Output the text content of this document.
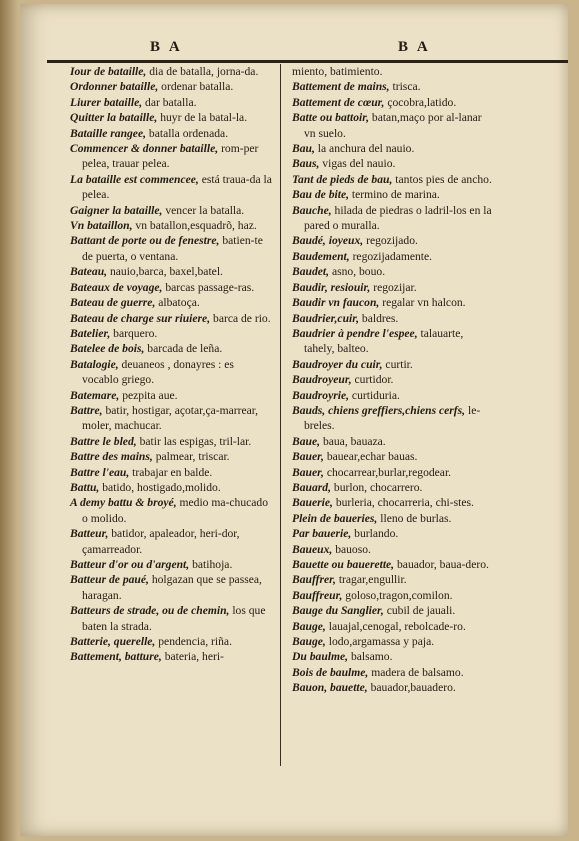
B A	B A

Iour de bataille, dia de batalla, jorna-da.

Ordonner bataille, ordenar batalla.

Liurer bataille, dar batalla.

Quitter la bataille, huyr de la batal-la.

Bataille rangee, batalla ordenada.

Commencer & donner bataille, rom-per pelea, trauar pelea.

La bataille est commencee, está traua-da la pelea.

Gaigner la bataille, vencer la batalla.

Vn bataillon, vn batallon,esquadrõ, haz.

Battant de porte ou de fenestre, batien-te de puerta, o ventana.

Bateau, nauio,barca, baxel,batel.

Bateaux de voyage, barcas passage-ras.

Bateau de guerre, albatoça.

Bateau de charge sur riuiere, barca de rio.

Batelier, barquero.

Batelee de bois, barcada de leña.

Batalogie, deuaneos , donayres : es vocablo griego.

Batemare, pezpita aue.

Battre, batir, hostigar, açotar,ça-marrear, moler, machucar.

Battre le bled, batir las espigas, tril-lar.

Battre des mains, palmear, triscar.

Battre l'eau, trabajar en balde.

Battu, batido, hostigado,molido.

A demy battu & broyé, medio ma-chucado o molido.

Batteur, batidor, apaleador, heri-dor, çamarreador.

Batteur d'or ou d'argent, batihoja.

Batteur de paué, holgazan que se passea, haragan.

Batteurs de strade, ou de chemin, los que baten la strada.

Batterie, querelle, pendencia, riña.

Battement, batture, bateria, heri-

miento, batimiento.

Battement de mains, trisca.

Battement de cœur, çocobra,latido.

Batte ou battoir, batan,maço por al-lanar vn suelo.

Bau, la anchura del nauio.

Baus, vigas del nauio.

Tant de pieds de bau, tantos pies de ancho.

Bau de bite, termino de marina.

Bauche, hilada de piedras o ladril-los en la pared o muralla.

Baudé, ioyeux, regozijado.

Baudement, regozijadamente.

Baudet, asno, bouo.

Baudir, resiouir, regozijar.

Baudir vn faucon, regalar vn halcon.

Baudrier,cuir, baldres.

Baudrier à pendre l'espee, talauarte, tahely, balteo.

Baudroyer du cuir, curtir.

Baudroyeur, curtidor.

Baudroyrie, curtiduria.

Bauds, chiens greffiers,chiens cerfs, le-breles.

Baue, baua, bauaza.

Bauer, bauear,echar bauas.

Bauer, chocarrear,burlar,regodear.

Bauard, burlon, chocarrero.

Bauerie, burleria, chocarreria, chi-stes.

Plein de baueries, lleno de burlas.

Par bauerie, burlando.

Baueux, bauoso.

Bauette ou bauerette, bauador, baua-dero.

Bauffrer, tragar,engullir.

Bauffreur, goloso,tragon,comilon.

Bauge du Sanglier, cubil de jauali.

Bauge, lauajal,cenogal, rebolcade-ro.

Bauge, lodo,argamassa y paja.

Du baulme, balsamo.

Bois de baulme, madera de balsamo.

Bauon, bauette, bauador,bauadero.
